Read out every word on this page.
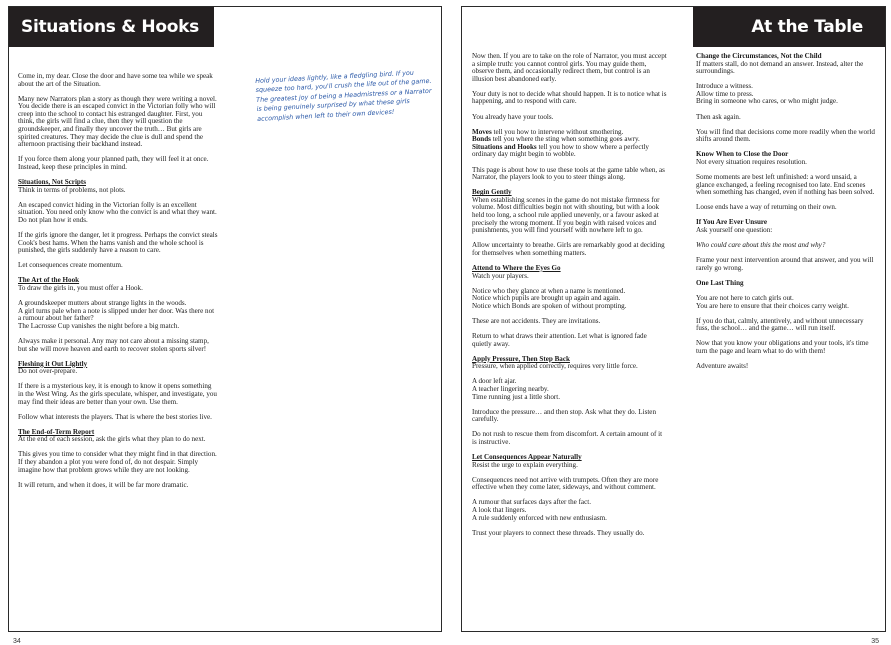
Situations & Hooks
Hold your ideas lightly, like a fledgling bird. If you squeeze too hard, you'll crush the life out of the game. The greatest joy of being a Headmistress or a Narrator is being genuinely surprised by what these girls accomplish when left to their own devices!

Come in, my dear. Close the door and have some tea while we speak about the art of the Situation.

Many new Narrators plan a story as though they were writing a novel. You decide there is an escaped convict in the Victorian folly who will creep into the school to contact his estranged daughter. First, you think, the girls will find a clue, then they will question the groundskeeper, and finally they uncover the truth… But girls are spirited creatures. They may decide the clue is dull and spend the afternoon practising their backhand instead.

If you force them along your planned path, they will feel it at once. Instead, keep these principles in mind.

Situations, Not Scripts
Think in terms of problems, not plots.

An escaped convict hiding in the Victorian folly is an excellent situation. You need only know who the convict is and what they want. Do not plan how it ends.

If the girls ignore the danger, let it progress. Perhaps the convict steals Cook's best hams. When the hams vanish and the whole school is punished, the girls suddenly have a reason to care.

Let consequences create momentum.

The Art of the Hook
To draw the girls in, you must offer a Hook.

A groundskeeper mutters about strange lights in the woods.
A girl turns pale when a note is slipped under her door. Was there not a rumour about her father?
The Lacrosse Cup vanishes the night before a big match.

Always make it personal. Any may not care about a missing stamp, but she will move heaven and earth to recover stolen sports silver!

Fleshing it Out Lightly
Do not over-prepare.

If there is a mysterious key, it is enough to know it opens something in the West Wing. As the girls speculate, whisper, and investigate, you may find their ideas are better than your own. Use them.

Follow what interests the players. That is where the best stories live.

The End-of-Term Report
At the end of each session, ask the girls what they plan to do next.

This gives you time to consider what they might find in that direction. If they abandon a plot you were fond of, do not despair. Simply imagine how that problem grows while they are not looking.

It will return, and when it does, it will be far more dramatic.

34
At the Table

Now then. If you are to take on the role of Narrator, you must accept a simple truth: you cannot control girls. You may guide them, observe them, and occasionally redirect them, but control is an illusion best abandoned early.

Your duty is not to decide what should happen. It is to notice what is happening, and to respond with care.

You already have your tools.

Moves tell you how to intervene without smothering.
Bonds tell you where the sting when something goes awry.
Situations and Hooks tell you how to show where a perfectly ordinary day might begin to wobble.

This page is about how to use these tools at the game table when, as Narrator, the players look to you to steer things along.

Begin Gently
When establishing scenes in the game do not mistake firmness for volume. Most difficulties begin not with shouting, but with a look held too long, a school rule applied unevenly, or a favour asked at precisely the wrong moment. If you begin with raised voices and punishments, you will find yourself with nowhere left to go.

Allow uncertainty to breathe. Girls are remarkably good at deciding for themselves when something matters.

Attend to Where the Eyes Go
Watch your players.

Notice who they glance at when a name is mentioned.
Notice which pupils are brought up again and again.
Notice which Bonds are spoken of without prompting.

These are not accidents. They are invitations.

Return to what draws their attention. Let what is ignored fade quietly away.

Apply Pressure, Then Step Back
Pressure, when applied correctly, requires very little force.

A door left ajar.
A teacher lingering nearby.
Time running just a little short.

Introduce the pressure… and then stop. Ask what they do. Listen carefully.

Do not rush to rescue them from discomfort. A certain amount of it is instructive.

Let Consequences Appear Naturally
Resist the urge to explain everything.

Consequences need not arrive with trumpets. Often they are more effective when they come later, sideways, and without comment.

A rumour that surfaces days after the fact.
A look that lingers.
A rule suddenly enforced with new enthusiasm.

Trust your players to connect these threads. They usually do.

Change the Circumstances, Not the Child
If matters stall, do not demand an answer. Instead, alter the surroundings.

Introduce a witness.
Allow time to press.
Bring in someone who cares, or who might judge.

Then ask again.

You will find that decisions come more readily when the world shifts around them.

Know When to Close the Door
Not every situation requires resolution.

Some moments are best left unfinished: a word unsaid, a glance exchanged, a feeling recognised too late. End scenes when something has changed, even if nothing has been solved.

Loose ends have a way of returning on their own.

If You Are Ever Unsure
Ask yourself one question:

Who could care about this the most and why?

Frame your next intervention around that answer, and you will rarely go wrong.

One Last Thing

You are not here to catch girls out.
You are here to ensure that their choices carry weight.

If you do that, calmly, attentively, and without unnecessary fuss, the school… and the game… will run itself.

Now that you know your obligations and your tools, it's time turn the page and learn what to do with them!

Adventure awaits!

35
